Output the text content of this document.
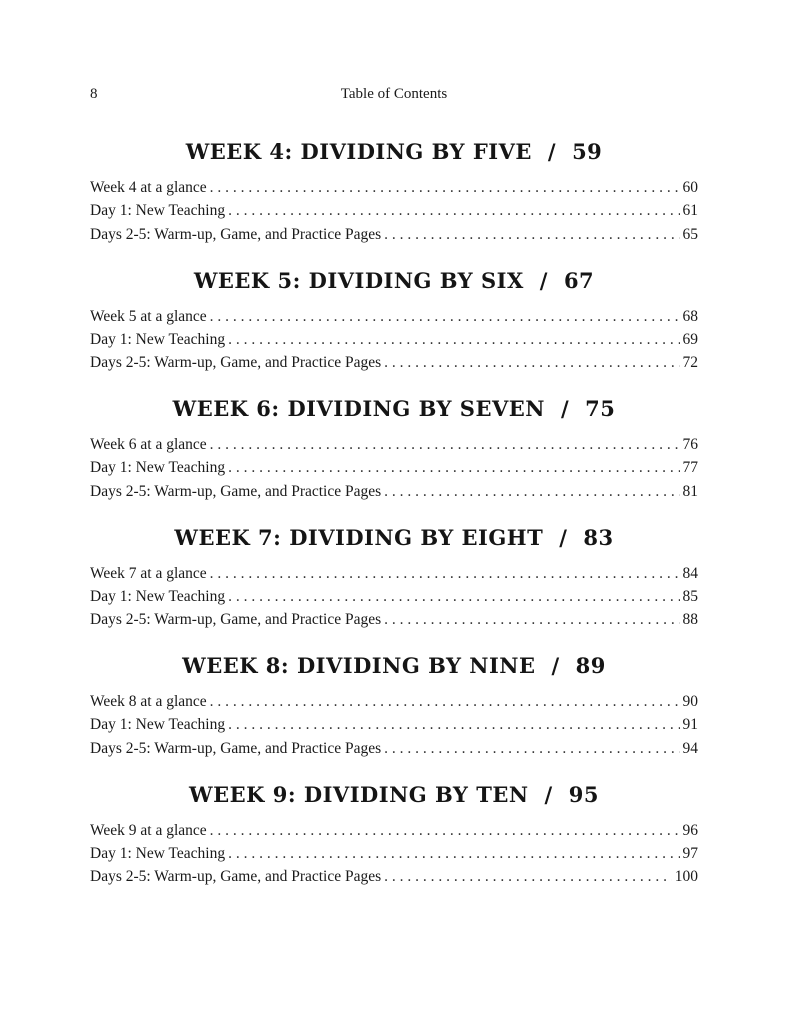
8	Table of Contents
WEEK 4: DIVIDING BY FIVE / 59
Week 4 at a glance . . .	60
Day 1: New Teaching . . .	61
Days 2-5: Warm-up, Game, and Practice Pages . . .	65
WEEK 5: DIVIDING BY SIX / 67
Week 5 at a glance . . .	68
Day 1: New Teaching . . .	69
Days 2-5: Warm-up, Game, and Practice Pages . . .	72
WEEK 6: DIVIDING BY SEVEN / 75
Week 6 at a glance . . .	76
Day 1: New Teaching . . .	77
Days 2-5: Warm-up, Game, and Practice Pages . . .	81
WEEK 7: DIVIDING BY EIGHT / 83
Week 7 at a glance . . .	84
Day 1: New Teaching . . .	85
Days 2-5: Warm-up, Game, and Practice Pages . . .	88
WEEK 8: DIVIDING BY NINE / 89
Week 8 at a glance . . .	90
Day 1: New Teaching . . .	91
Days 2-5: Warm-up, Game, and Practice Pages . . .	94
WEEK 9: DIVIDING BY TEN / 95
Week 9 at a glance . . .	96
Day 1: New Teaching . . .	97
Days 2-5: Warm-up, Game, and Practice Pages . . .	100
